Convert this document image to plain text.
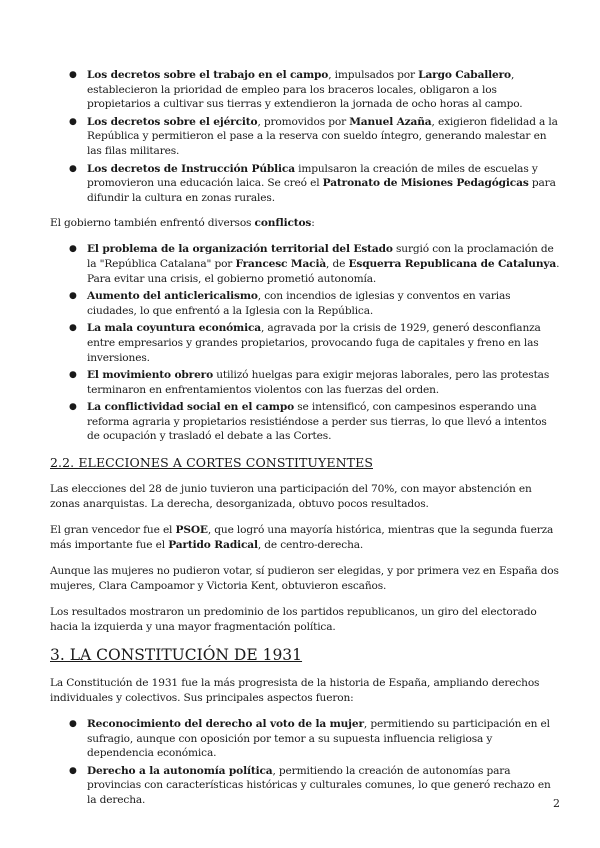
● Los decretos sobre el trabajo en el campo, impulsados por Largo Caballero, establecieron la prioridad de empleo para los braceros locales, obligaron a los propietarios a cultivar sus tierras y extendieron la jornada de ocho horas al campo.
● Los decretos sobre el ejército, promovidos por Manuel Azaña, exigieron fidelidad a la República y permitieron el pase a la reserva con sueldo íntegro, generando malestar en las filas militares.
● Los decretos de Instrucción Pública impulsaron la creación de miles de escuelas y promovieron una educación laica. Se creó el Patronato de Misiones Pedagógicas para difundir la cultura en zonas rurales.

El gobierno también enfrentó diversos conflictos:

● El problema de la organización territorial del Estado surgió con la proclamación de la "República Catalana" por Francesc Macià, de Esquerra Republicana de Catalunya. Para evitar una crisis, el gobierno prometió autonomía.
● Aumento del anticlericalismo, con incendios de iglesias y conventos en varias ciudades, lo que enfrentó a la Iglesia con la República.
● La mala coyuntura económica, agravada por la crisis de 1929, generó desconfianza entre empresarios y grandes propietarios, provocando fuga de capitales y freno en las inversiones.
● El movimiento obrero utilizó huelgas para exigir mejoras laborales, pero las protestas terminaron en enfrentamientos violentos con las fuerzas del orden.
● La conflictividad social en el campo se intensificó, con campesinos esperando una reforma agraria y propietarios resistiéndose a perder sus tierras, lo que llevó a intentos de ocupación y trasladó el debate a las Cortes.
2.2. ELECCIONES A CORTES CONSTITUYENTES

Las elecciones del 28 de junio tuvieron una participación del 70%, con mayor abstención en zonas anarquistas. La derecha, desorganizada, obtuvo pocos resultados.

El gran vencedor fue el PSOE, que logró una mayoría histórica, mientras que la segunda fuerza más importante fue el Partido Radical, de centro-derecha.

Aunque las mujeres no pudieron votar, sí pudieron ser elegidas, y por primera vez en España dos mujeres, Clara Campoamor y Victoria Kent, obtuvieron escaños.

Los resultados mostraron un predominio de los partidos republicanos, un giro del electorado hacia la izquierda y una mayor fragmentación política.

3. LA CONSTITUCIÓN DE 1931

La Constitución de 1931 fue la más progresista de la historia de España, ampliando derechos individuales y colectivos. Sus principales aspectos fueron:

● Reconocimiento del derecho al voto de la mujer, permitiendo su participación en el sufragio, aunque con oposición por temor a su supuesta influencia religiosa y dependencia económica.
● Derecho a la autonomía política, permitiendo la creación de autonomías para provincias con características históricas y culturales comunes, lo que generó rechazo en la derecha.	2
